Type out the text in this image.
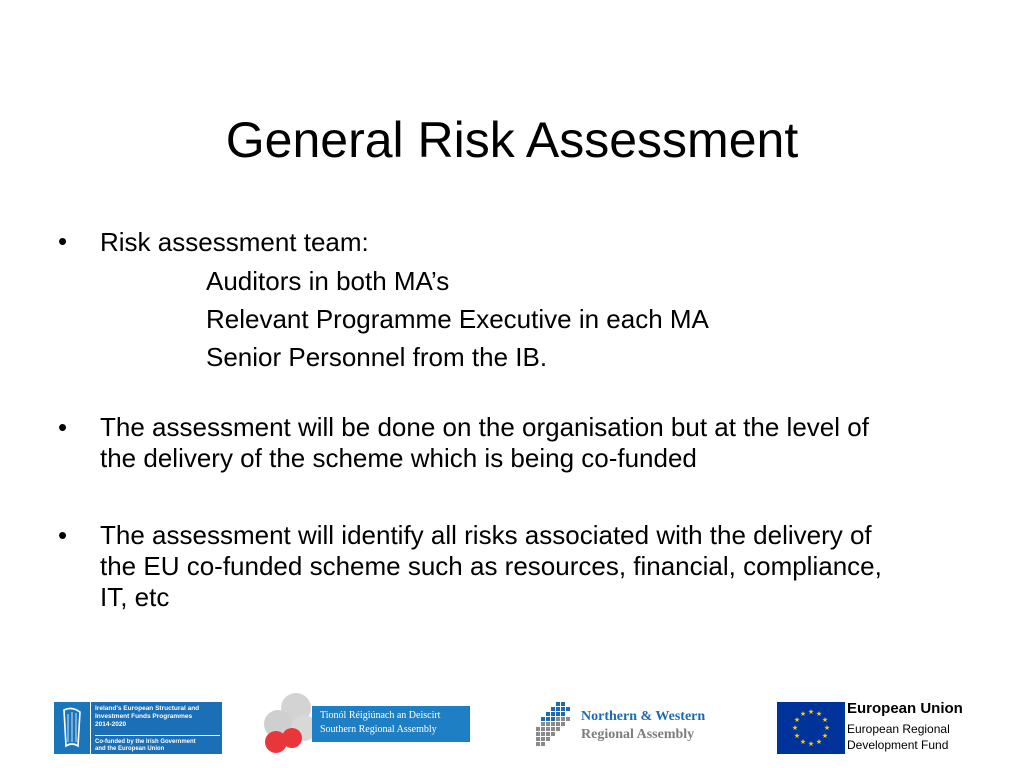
General Risk Assessment
•	Risk assessment team:
Auditors in both MA’s
Relevant Programme Executive in each MA
Senior Personnel from the IB.
•	The assessment will be done on the organisation but at the level of
the delivery of the scheme which is being co-funded
•	The assessment will identify all risks associated with the delivery of
the EU co-funded scheme such as resources, financial, compliance,
IT, etc
Ireland’s European Structural and
Investment Funds Programmes
2014-2020
Co-funded by the Irish Government
and the European Union
Tionól Réigiúnach an Deiscirt
Southern Regional Assembly
Northern & Western
Regional Assembly
★ ★
★
★
★
★
★
★
★
★
★
★	European Union
European Regional
Development Fund
